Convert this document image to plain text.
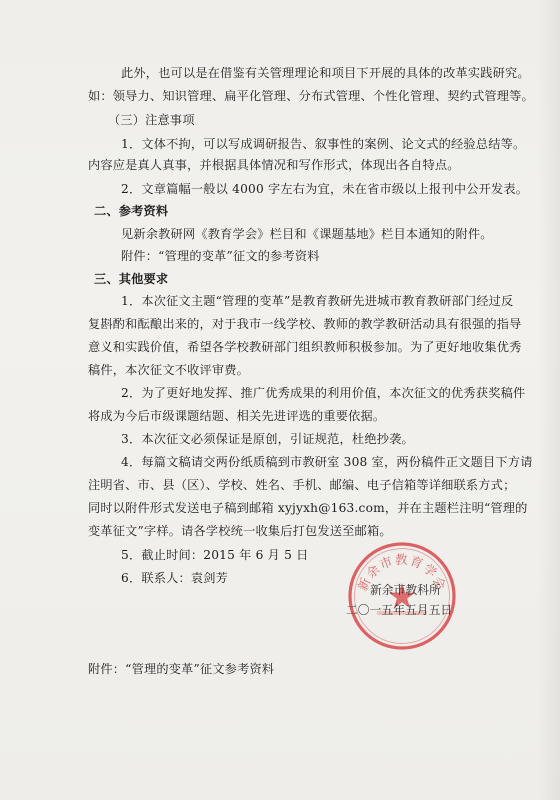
此外，也可以是在借鉴有关管理理论和项目下开展的具体的改革实践研究。
如：领导力、知识管理、扁平化管理、分布式管理、个性化管理、契约式管理等。
（三）注意事项
1．文体不拘，可以写成调研报告、叙事性的案例、论文式的经验总结等。
内容应是真人真事，并根据具体情况和写作形式，体现出各自特点。
2．文章篇幅一般以 4000 字左右为宜，未在省市级以上报刊中公开发表。
二、参考资料
见新余教研网《教育学会》栏目和《课题基地》栏目本通知的附件。
附件：“管理的变革”征文的参考资料
三、其他要求
1．本次征文主题“管理的变革”是教育教研先进城市教育教研部门经过反
复斟酌和酝酿出来的，对于我市一线学校、教师的教学教研活动具有很强的指导
意义和实践价值，希望各学校教研部门组织教师积极参加。为了更好地收集优秀
稿件，本次征文不收评审费。
2．为了更好地发挥、推广优秀成果的利用价值，本次征文的优秀获奖稿件
将成为今后市级课题结题、相关先进评选的重要依据。
3．本次征文必须保证是原创，引证规范，杜绝抄袭。
4．每篇文稿请交两份纸质稿到市教研室 308 室，两份稿件正文题目下方请
注明省、市、县（区）、学校、姓名、手机、邮编、电子信箱等详细联系方式；
同时以附件形式发送电子稿到邮箱 xyjyxh@163.com，并在主题栏注明“管理的
变革征文”字样。请各学校统一收集后打包发送至邮箱。
5．截止时间：2015 年 6 月 5 日
6．联系人：袁剑芳	新余市教育学会
新余市教科所
二〇一五年五月五日
附件：“管理的变革”征文参考资料
